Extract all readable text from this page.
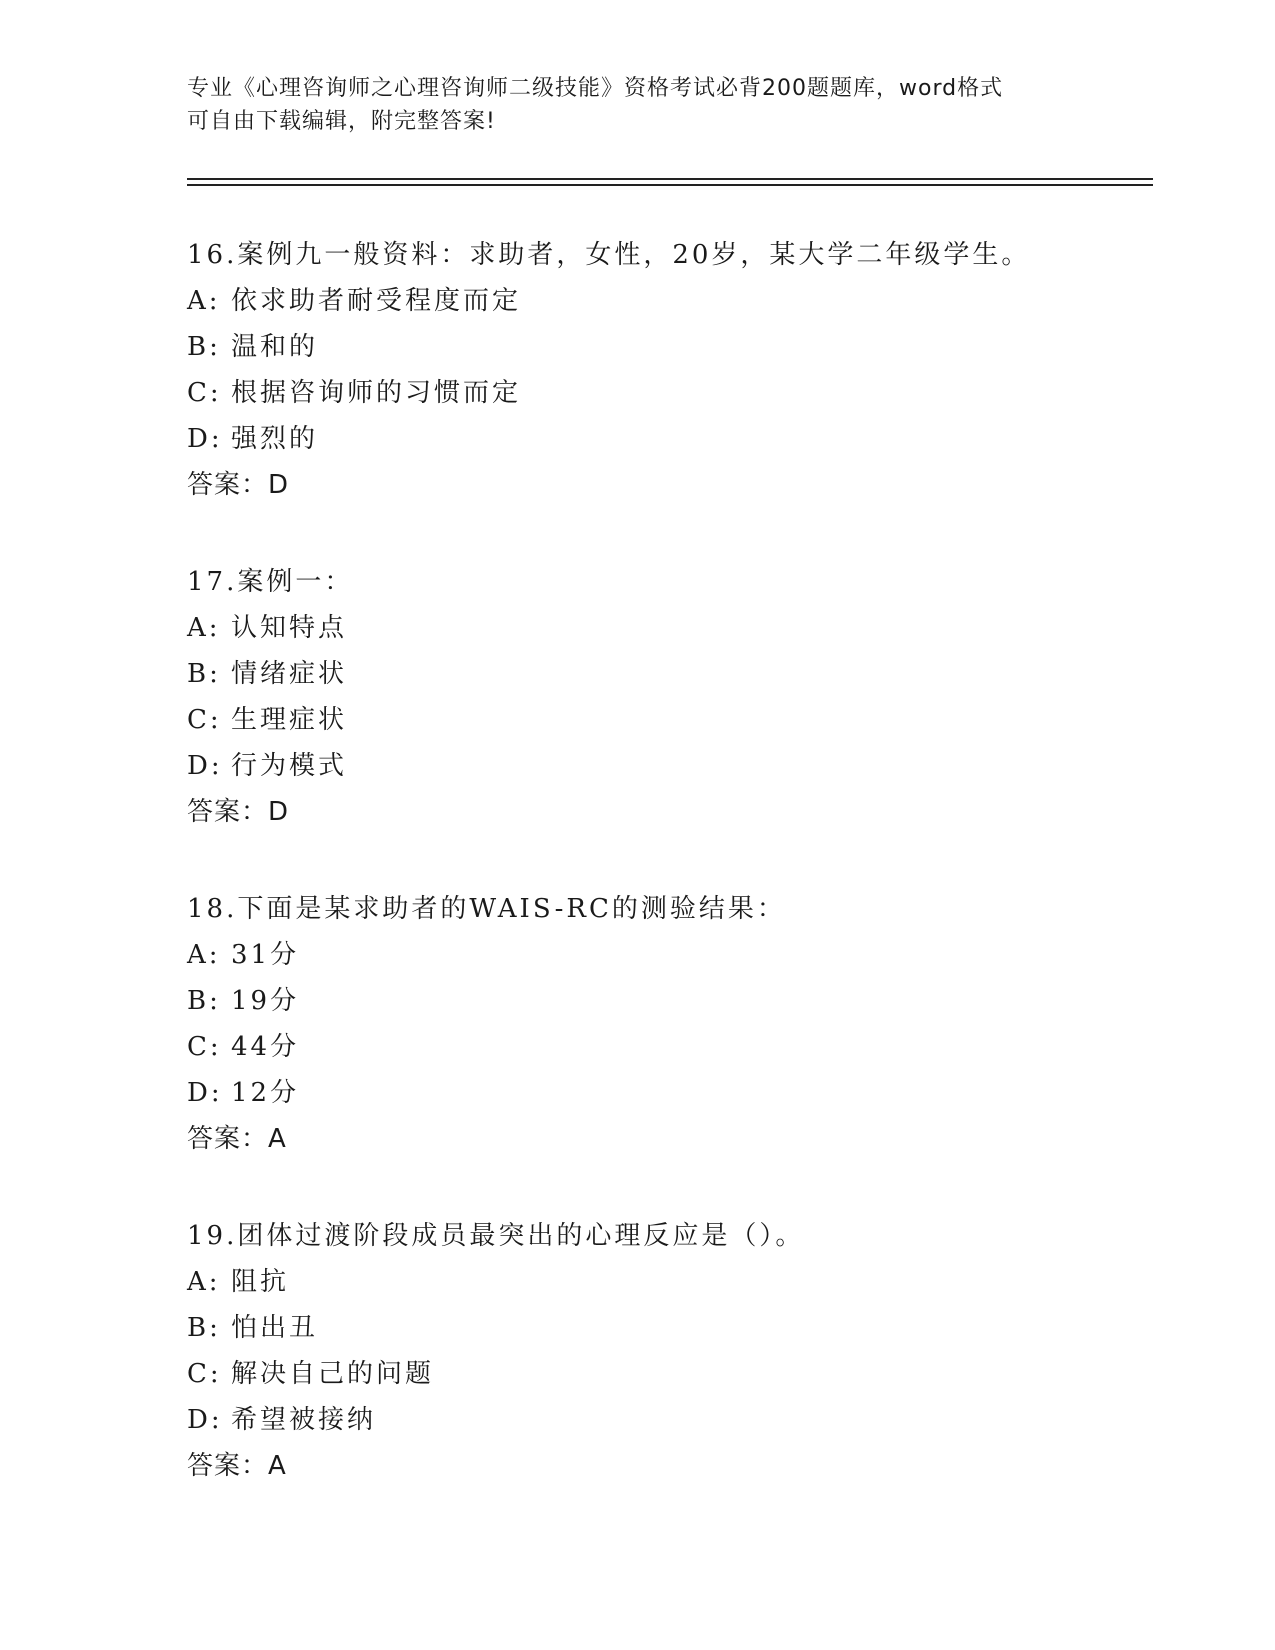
专业《心理咨询师之心理咨询师二级技能》资格考试必背200题题库，word格式
可自由下载编辑，附完整答案!
16.案例九一般资料：求助者，女性，20岁，某大学二年级学生。
A: 依求助者耐受程度而定
B: 温和的
C: 根据咨询师的习惯而定
D: 强烈的
答案：D
17.案例一：
A: 认知特点
B: 情绪症状
C: 生理症状
D: 行为模式
答案：D
18.下面是某求助者的WAIS-RC的测验结果：
A: 31分
B: 19分
C: 44分
D: 12分
答案：A
19.团体过渡阶段成员最突出的心理反应是（）。
A: 阻抗
B: 怕出丑
C: 解决自己的问题
D: 希望被接纳
答案：A
